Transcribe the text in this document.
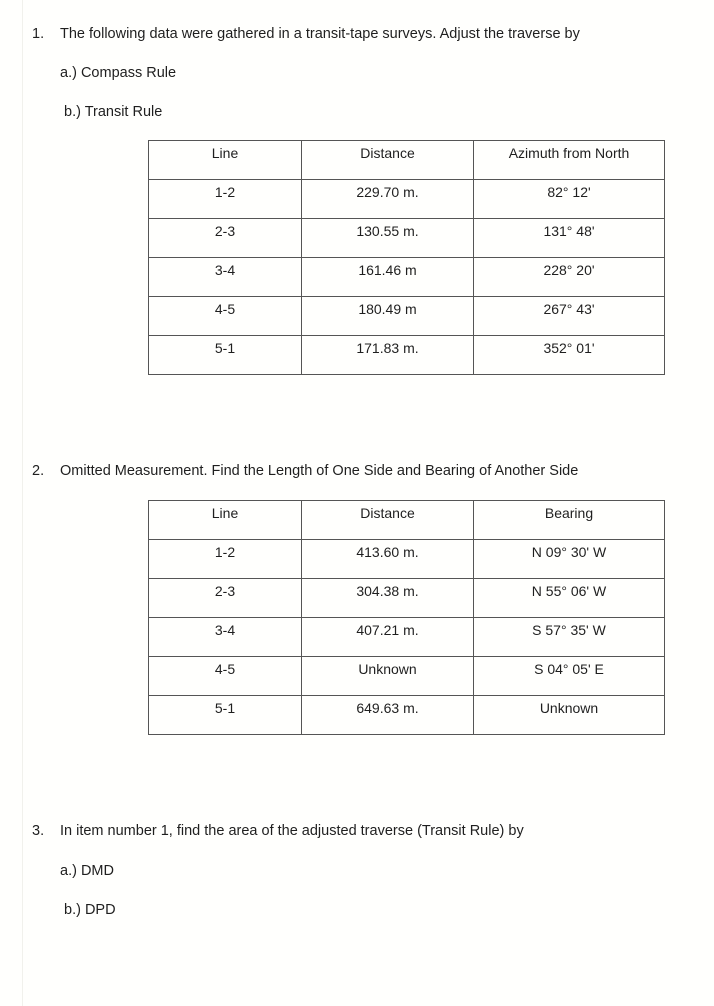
1. The following data were gathered in a transit-tape surveys. Adjust the traverse by
a.) Compass Rule
b.) Transit Rule
Line	Distance	Azimuth from North
1-2	229.70 m.	82° 12'
2-3	130.55 m.	131° 48'
3-4	161.46 m	228° 20'
4-5	180.49 m	267° 43'
5-1	171.83 m.	352° 01'
2. Omitted Measurement. Find the Length of One Side and Bearing of Another Side
Line	Distance	Bearing
1-2	413.60 m.	N 09° 30' W
2-3	304.38 m.	N 55° 06' W
3-4	407.21 m.	S 57° 35' W
4-5	Unknown	S 04° 05' E
5-1	649.63 m.	Unknown
3. In item number 1, find the area of the adjusted traverse (Transit Rule) by
a.) DMD
b.) DPD
